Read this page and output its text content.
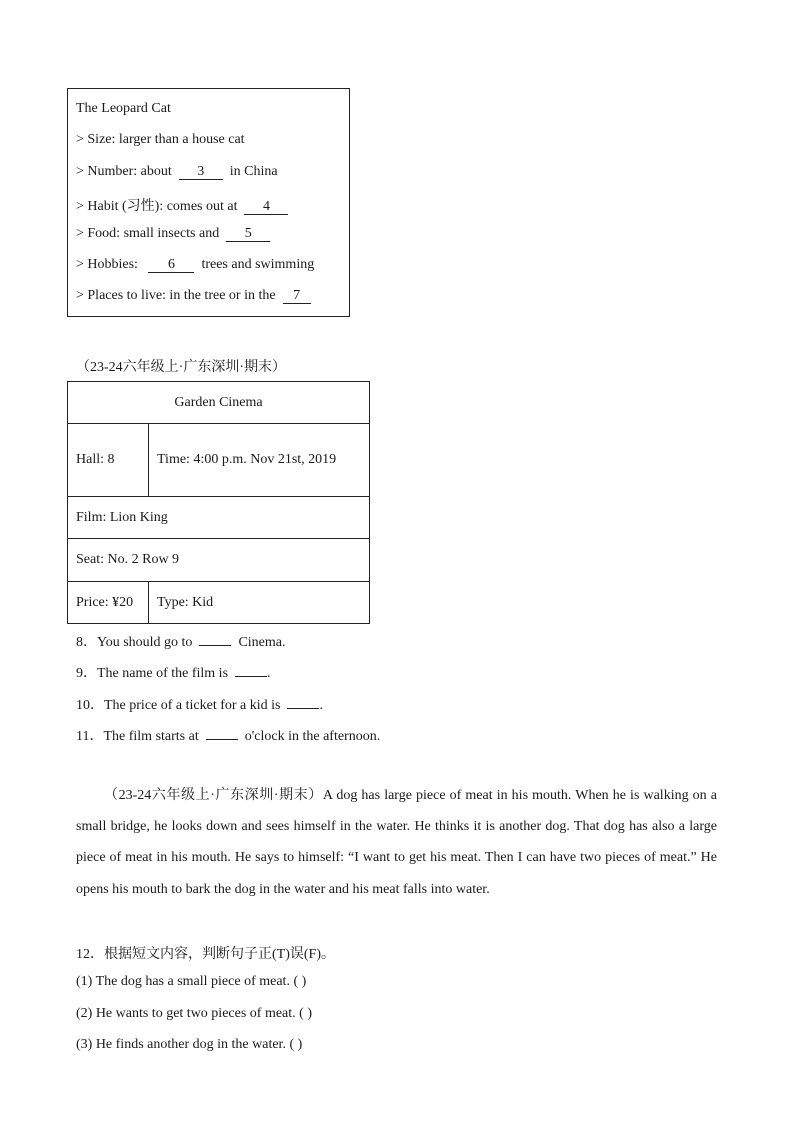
The Leopard Cat
> Size: larger than a house cat
> Number: about 3 in China
> Habit (习性): comes out at 4
> Food: small insects and 5
> Hobbies: 6 trees and swimming
> Places to live: in the tree or in the 7
（23-24六年级上·广东深圳·期末）
Garden Cinema	
Hall: 8	Time: 4:00 p.m. Nov 21st, 2019
Film: Lion King	
Seat: No. 2 Row 9	
Price: ¥20	Type: Kid
8．You should go to	Cinema.
9．The name of the film is	.
10．The price of a ticket for a kid is	.
11．The film starts at	o'clock in the afternoon.
（23-24六年级上·广东深圳·期末）A dog has large piece of meat in his mouth. When he is walking on a small bridge, he looks down and sees himself in the water. He thinks it is another dog. That dog has also a large piece of meat in his mouth. He says to himself: “I want to get his meat. Then I can have two pieces of meat.” He opens his mouth to bark the dog in the water and his meat falls into water.
12．根据短文内容，判断句子正(T)误(F)。
(1) The dog has a small piece of meat. ( )
(2) He wants to get two pieces of meat. ( )
(3) He finds another dog in the water. ( )
